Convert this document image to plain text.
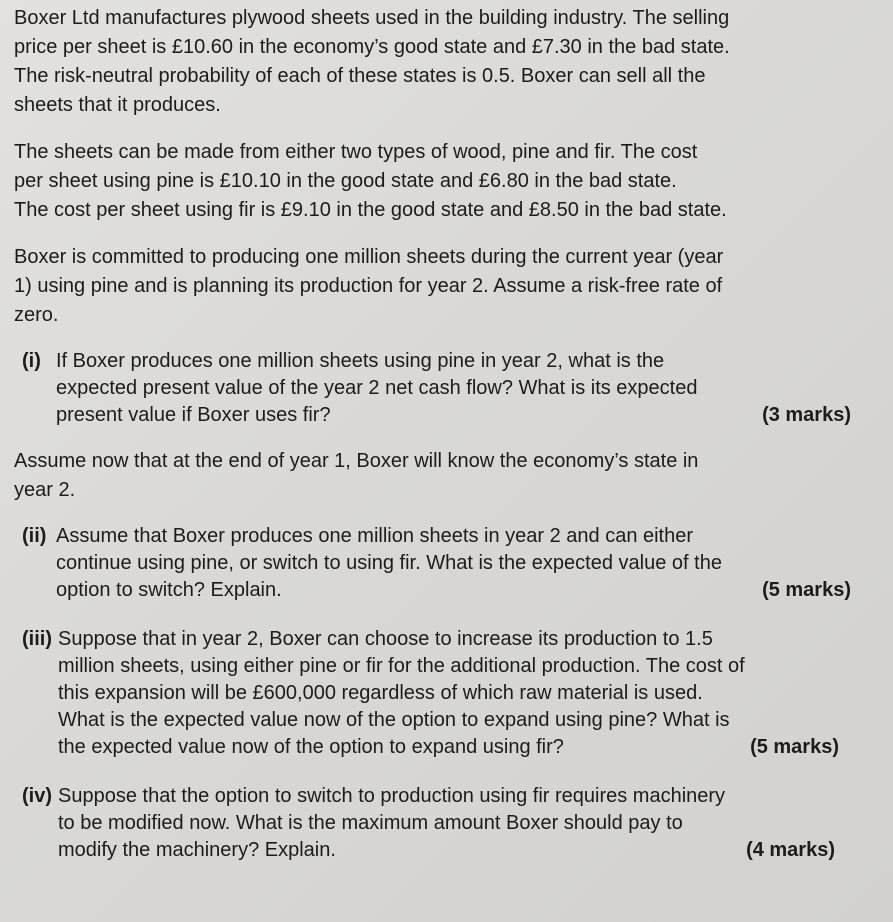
Boxer Ltd manufactures plywood sheets used in the building industry. The selling
price per sheet is £10.60 in the economy’s good state and £7.30 in the bad state.
The risk-neutral probability of each of these states is 0.5. Boxer can sell all the
sheets that it produces.

The sheets can be made from either two types of wood, pine and fir. The cost
per sheet using pine is £10.10 in the good state and £6.80 in the bad state.
The cost per sheet using fir is £9.10 in the good state and £8.50 in the bad state.

Boxer is committed to producing one million sheets during the current year (year
1) using pine and is planning its production for year 2. Assume a risk-free rate of
zero.

(i) If Boxer produces one million sheets using pine in year 2, what is the
expected present value of the year 2 net cash flow? What is its expected
present value if Boxer uses fir?	(3 marks)

Assume now that at the end of year 1, Boxer will know the economy’s state in
year 2.

(ii) Assume that Boxer produces one million sheets in year 2 and can either
continue using pine, or switch to using fir. What is the expected value of the
option to switch? Explain.	(5 marks)
(iii) Suppose that in year 2, Boxer can choose to increase its production to 1.5
million sheets, using either pine or fir for the additional production. The cost of
this expansion will be £600,000 regardless of which raw material is used.
What is the expected value now of the option to expand using pine? What is
the expected value now of the option to expand using fir?	(5 marks)
(iv) Suppose that the option to switch to production using fir requires machinery
to be modified now. What is the maximum amount Boxer should pay to
modify the machinery? Explain.	(4 marks)
